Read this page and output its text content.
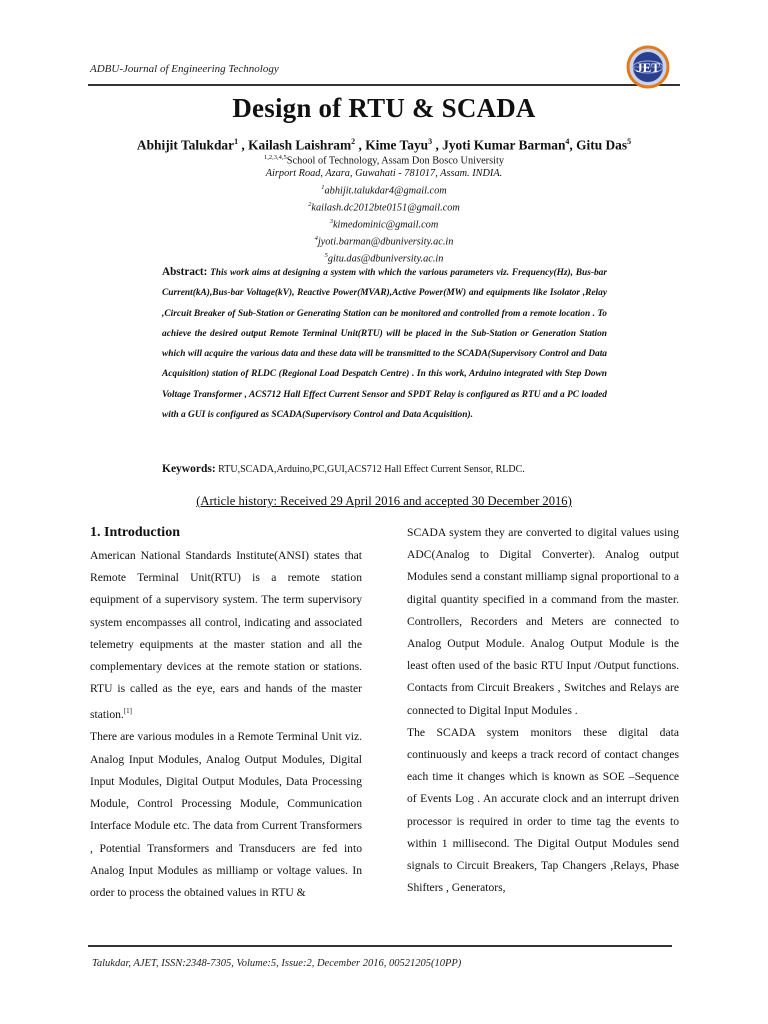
ADBU-Journal of Engineering Technology	JET
Design of RTU & SCADA
Abhijit Talukdar$^1$ , Kailash Laishram$^2$ , Kime Tayu$^3$ , Jyoti Kumar Barman$^4$, Gitu Das$^5$
$^{1,2,3,4,5}$School of Technology, Assam Don Bosco University
Airport Road, Azara, Guwahati - 781017, Assam. INDIA.
$^1$abhijit.talukdar4@gmail.com
$^2$kailash.dc2012bte0151@gmail.com
$^3$kimedominic@gmail.com
$^4$jyoti.barman@dbuniversity.ac.in
$^5$gitu.das@dbuniversity.ac.in
Abstract: This work aims at designing a system with which the various parameters viz. Frequency(Hz), Bus-bar Current(kA),Bus-bar Voltage(kV), Reactive Power(MVAR),Active Power(MW) and equipments like Isolator ,Relay ,Circuit Breaker of Sub-Station or Generating Station can be monitored and controlled from a remote location . To achieve the desired output Remote Terminal Unit(RTU) will be placed in the Sub-Station or Generation Station which will acquire the various data and these data will be transmitted to the SCADA(Supervisory Control and Data Acquisition) station of RLDC (Regional Load Despatch Centre) . In this work, Arduino integrated with Step Down Voltage Transformer , ACS712 Hall Effect Current Sensor and SPDT Relay is configured as RTU and a PC loaded with a GUI is configured as SCADA(Supervisory Control and Data Acquisition).
Keywords: RTU,SCADA,Arduino,PC,GUI,ACS712 Hall Effect Current Sensor, RLDC.
(Article history: Received 29 April 2016 and accepted 30 December 2016)
1. Introduction

American National Standards Institute(ANSI) states that Remote Terminal Unit(RTU) is a remote station equipment of a supervisory system. The term supervisory system encompasses all control, indicating and associated telemetry equipments at the master station and all the complementary devices at the remote station or stations. RTU is called as the eye, ears and hands of the master station.[1]

There are various modules in a Remote Terminal Unit viz. Analog Input Modules, Analog Output Modules, Digital Input Modules, Digital Output Modules, Data Processing Module, Control Processing Module, Communication Interface Module etc. The data from Current Transformers , Potential Transformers and Transducers are fed into Analog Input Modules as milliamp or voltage values. In order to process the obtained values in RTU &

SCADA system they are converted to digital values using ADC(Analog to Digital Converter). Analog output Modules send a constant milliamp signal proportional to a digital quantity specified in a command from the master. Controllers, Recorders and Meters are connected to Analog Output Module. Analog Output Module is the least often used of the basic RTU Input /Output functions. Contacts from Circuit Breakers , Switches and Relays are connected to Digital Input Modules .

The SCADA system monitors these digital data continuously and keeps a track record of contact changes each time it changes which is known as SOE –Sequence of Events Log . An accurate clock and an interrupt driven processor is required in order to time tag the events to within 1 millisecond. The Digital Output Modules send signals to Circuit Breakers, Tap Changers ,Relays, Phase Shifters , Generators,

Talukdar, AJET, ISSN:2348-7305, Volume:5, Issue:2, December 2016, 00521205(10PP)
